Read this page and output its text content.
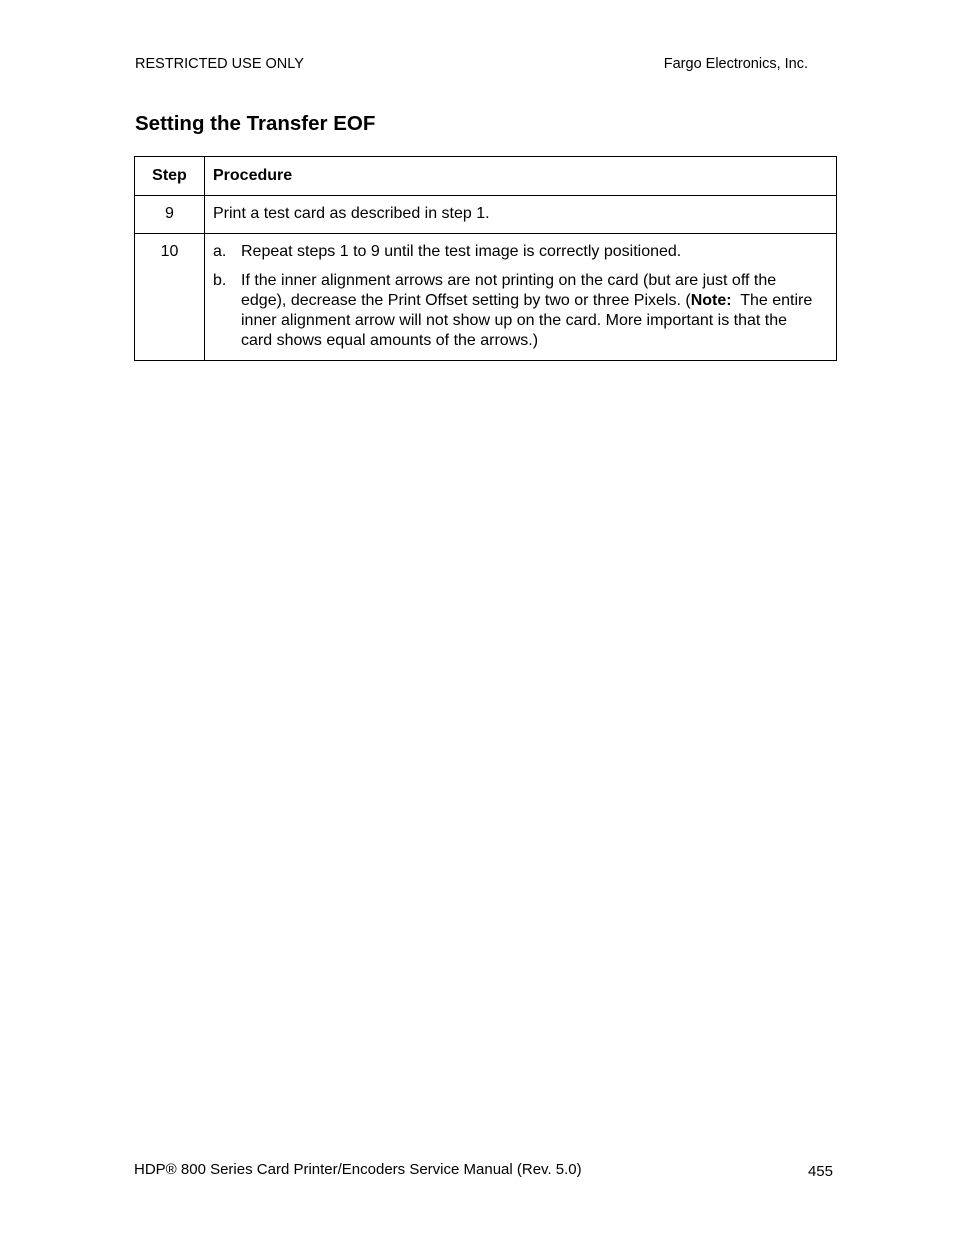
RESTRICTED USE ONLY	Fargo Electronics, Inc.
Setting the Transfer EOF
Step	Procedure
9	Print a test card as described in step 1.
10	a. Repeat steps 1 to 9 until the test image is correctly positioned.
b. If the inner alignment arrows are not printing on the card (but are just off the edge), decrease the Print Offset setting by two or three Pixels. (Note:  The entire inner alignment arrow will not show up on the card. More important is that the card shows equal amounts of the arrows.)
HDP® 800 Series Card Printer/Encoders Service Manual (Rev. 5.0)	455
